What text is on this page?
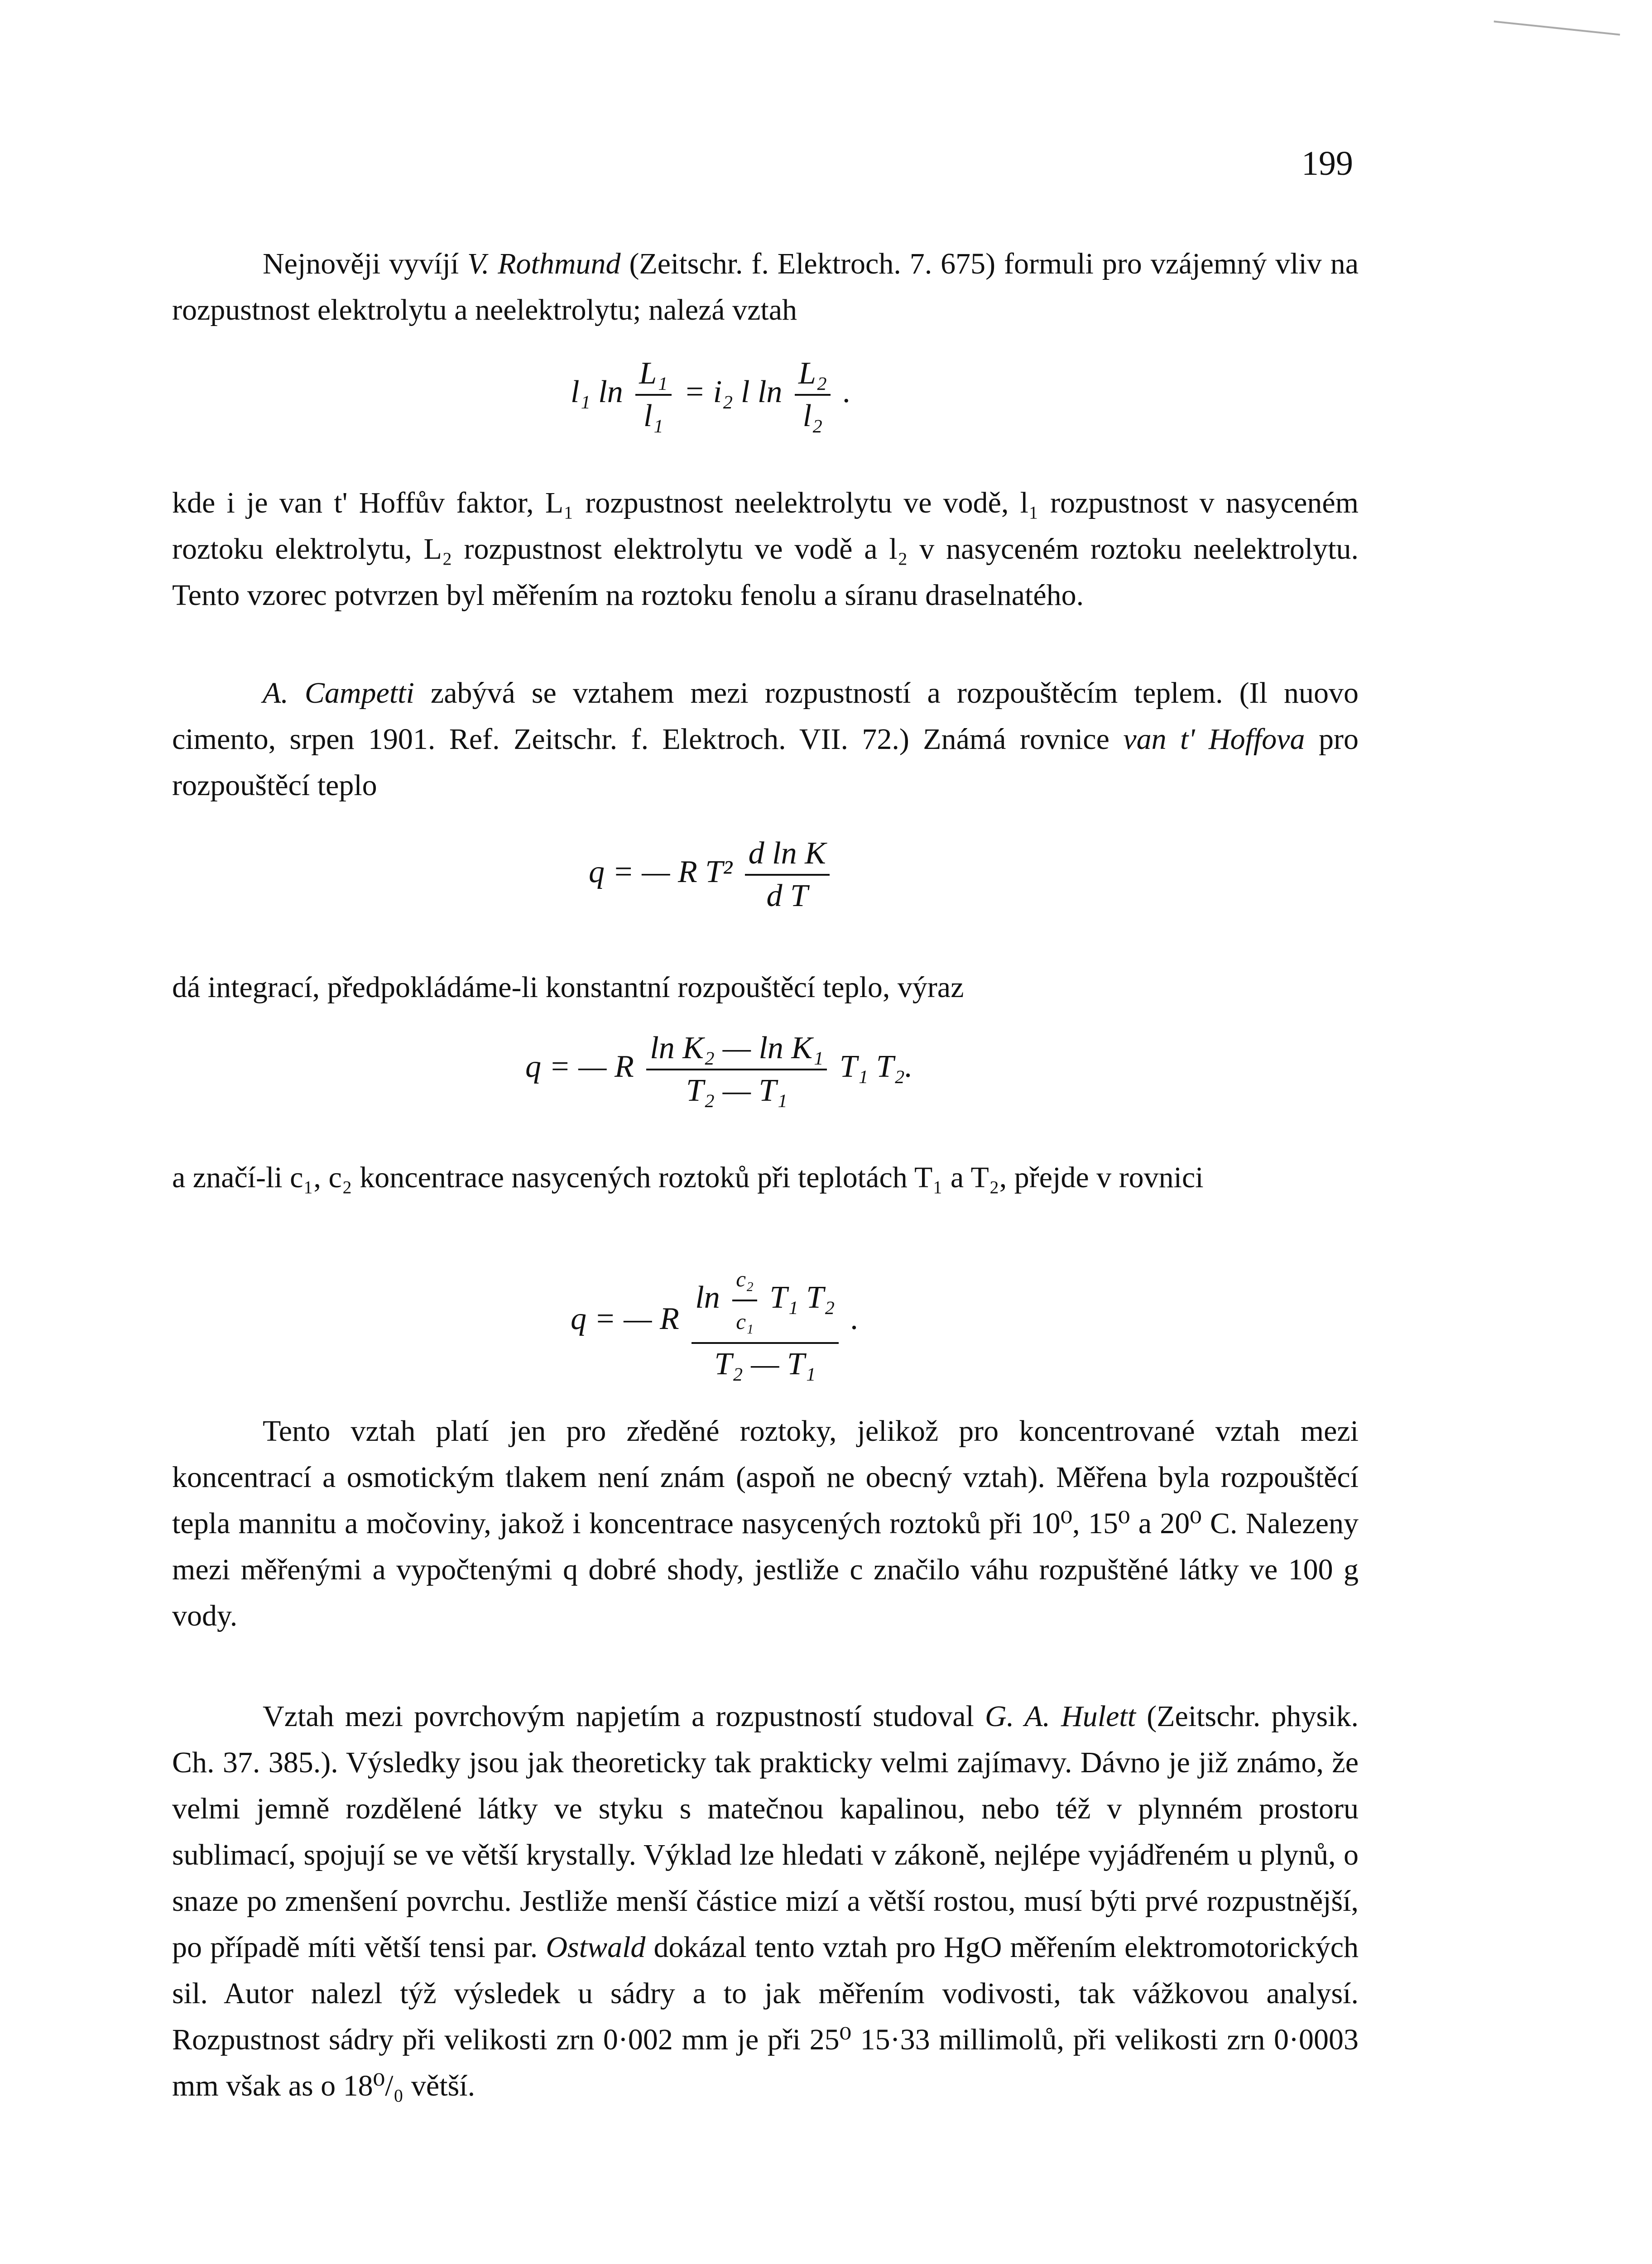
199

Nejnověji vyvíjí V. Rothmund (Zeitschr. f. Elektroch. 7. 675) formuli pro vzájemný vliv na rozpustnost elektrolytu a neelektrolytu; nalezá vztah

l₁ $\ln \frac{\text{L₁}}{\text{l₁}} = i_2$ l $\ln \frac{\text{L₂}}{\text{l₂}}$ .

kde i je van t' Hoffův faktor, L₁ rozpustnost neelektrolytu ve vodě, l₁ rozpustnost v nasyceném roztoku elektrolytu, L₂ rozpustnost elektrolytu ve vodě a l₂ v nasyceném roztoku neelektrolytu. Tento vzorec potvrzen byl měřením na roztoku fenolu a síranu draselnatého.

A. Campetti zabývá se vztahem mezi rozpustností a rozpouštěcím teplem. (Il nuovo cimento, srpen 1901. Ref. Zeitschr. f. Elektroch. VII. 72.) Známá rovnice van t' Hoffova pro rozpouštěcí teplo

q = — R $T^2 \frac{\text{d ln K}}{\text{d T}}$

dá integrací, předpokládáme-li konstantní rozpouštěcí teplo, výraz

q = — R $\frac{\text{ln K₂ — ln K₁}}{\text{T₂ — T₁}} T_1$ T₂.

a značí-li c₁, c₂ koncentrace nasycených roztoků při teplotách T₁ a T₂, přejde v rovnici

q = — R $\frac{\ln \frac{\text{c₂}}{\text{c₁}} T_1 T_2}{\text{T₂ — T₁}}$ .

Tento vztah platí jen pro zředěné roztoky, jelikož pro koncentrované vztah mezi koncentrací a osmotickým tlakem není znám (aspoň ne obecný vztah). Měřena byla rozpouštěcí tepla mannitu a močoviny, jakož i koncentrace nasycených roztoků při 10⁰, 15⁰ a 20⁰ C. Nalezeny mezi měřenými a vypočtenými q dobré shody, jestliže c značilo váhu rozpuštěné látky ve 100 g vody.

Vztah mezi povrchovým napjetím a rozpustností studoval G. A. Hulett (Zeitschr. physik. Ch. 37. 385.). Výsledky jsou jak theoreticky tak prakticky velmi zajímavy. Dávno je již známo, že velmi jemně rozdělené látky ve styku s matečnou kapalinou, nebo též v plynném prostoru sublimací, spojují se ve větší krystally. Výklad lze hledati v zákoně, nejlépe vyjádřeném u plynů, o snaze po zmenšení povrchu. Jestliže menší částice mizí a větší rostou, musí býti prvé rozpustnější, po případě míti větší tensi par. Ostwald dokázal tento vztah pro HgO měřením elektromotorických sil. Autor nalezl týž výsledek u sádry a to jak měřením vodivosti, tak vážkovou analysí. Rozpustnost sádry při velikosti zrn 0·002 mm je při 25⁰ 15·33 millimolů, při velikosti zrn 0·0003 mm však as o 18⁰/₀ větší.
